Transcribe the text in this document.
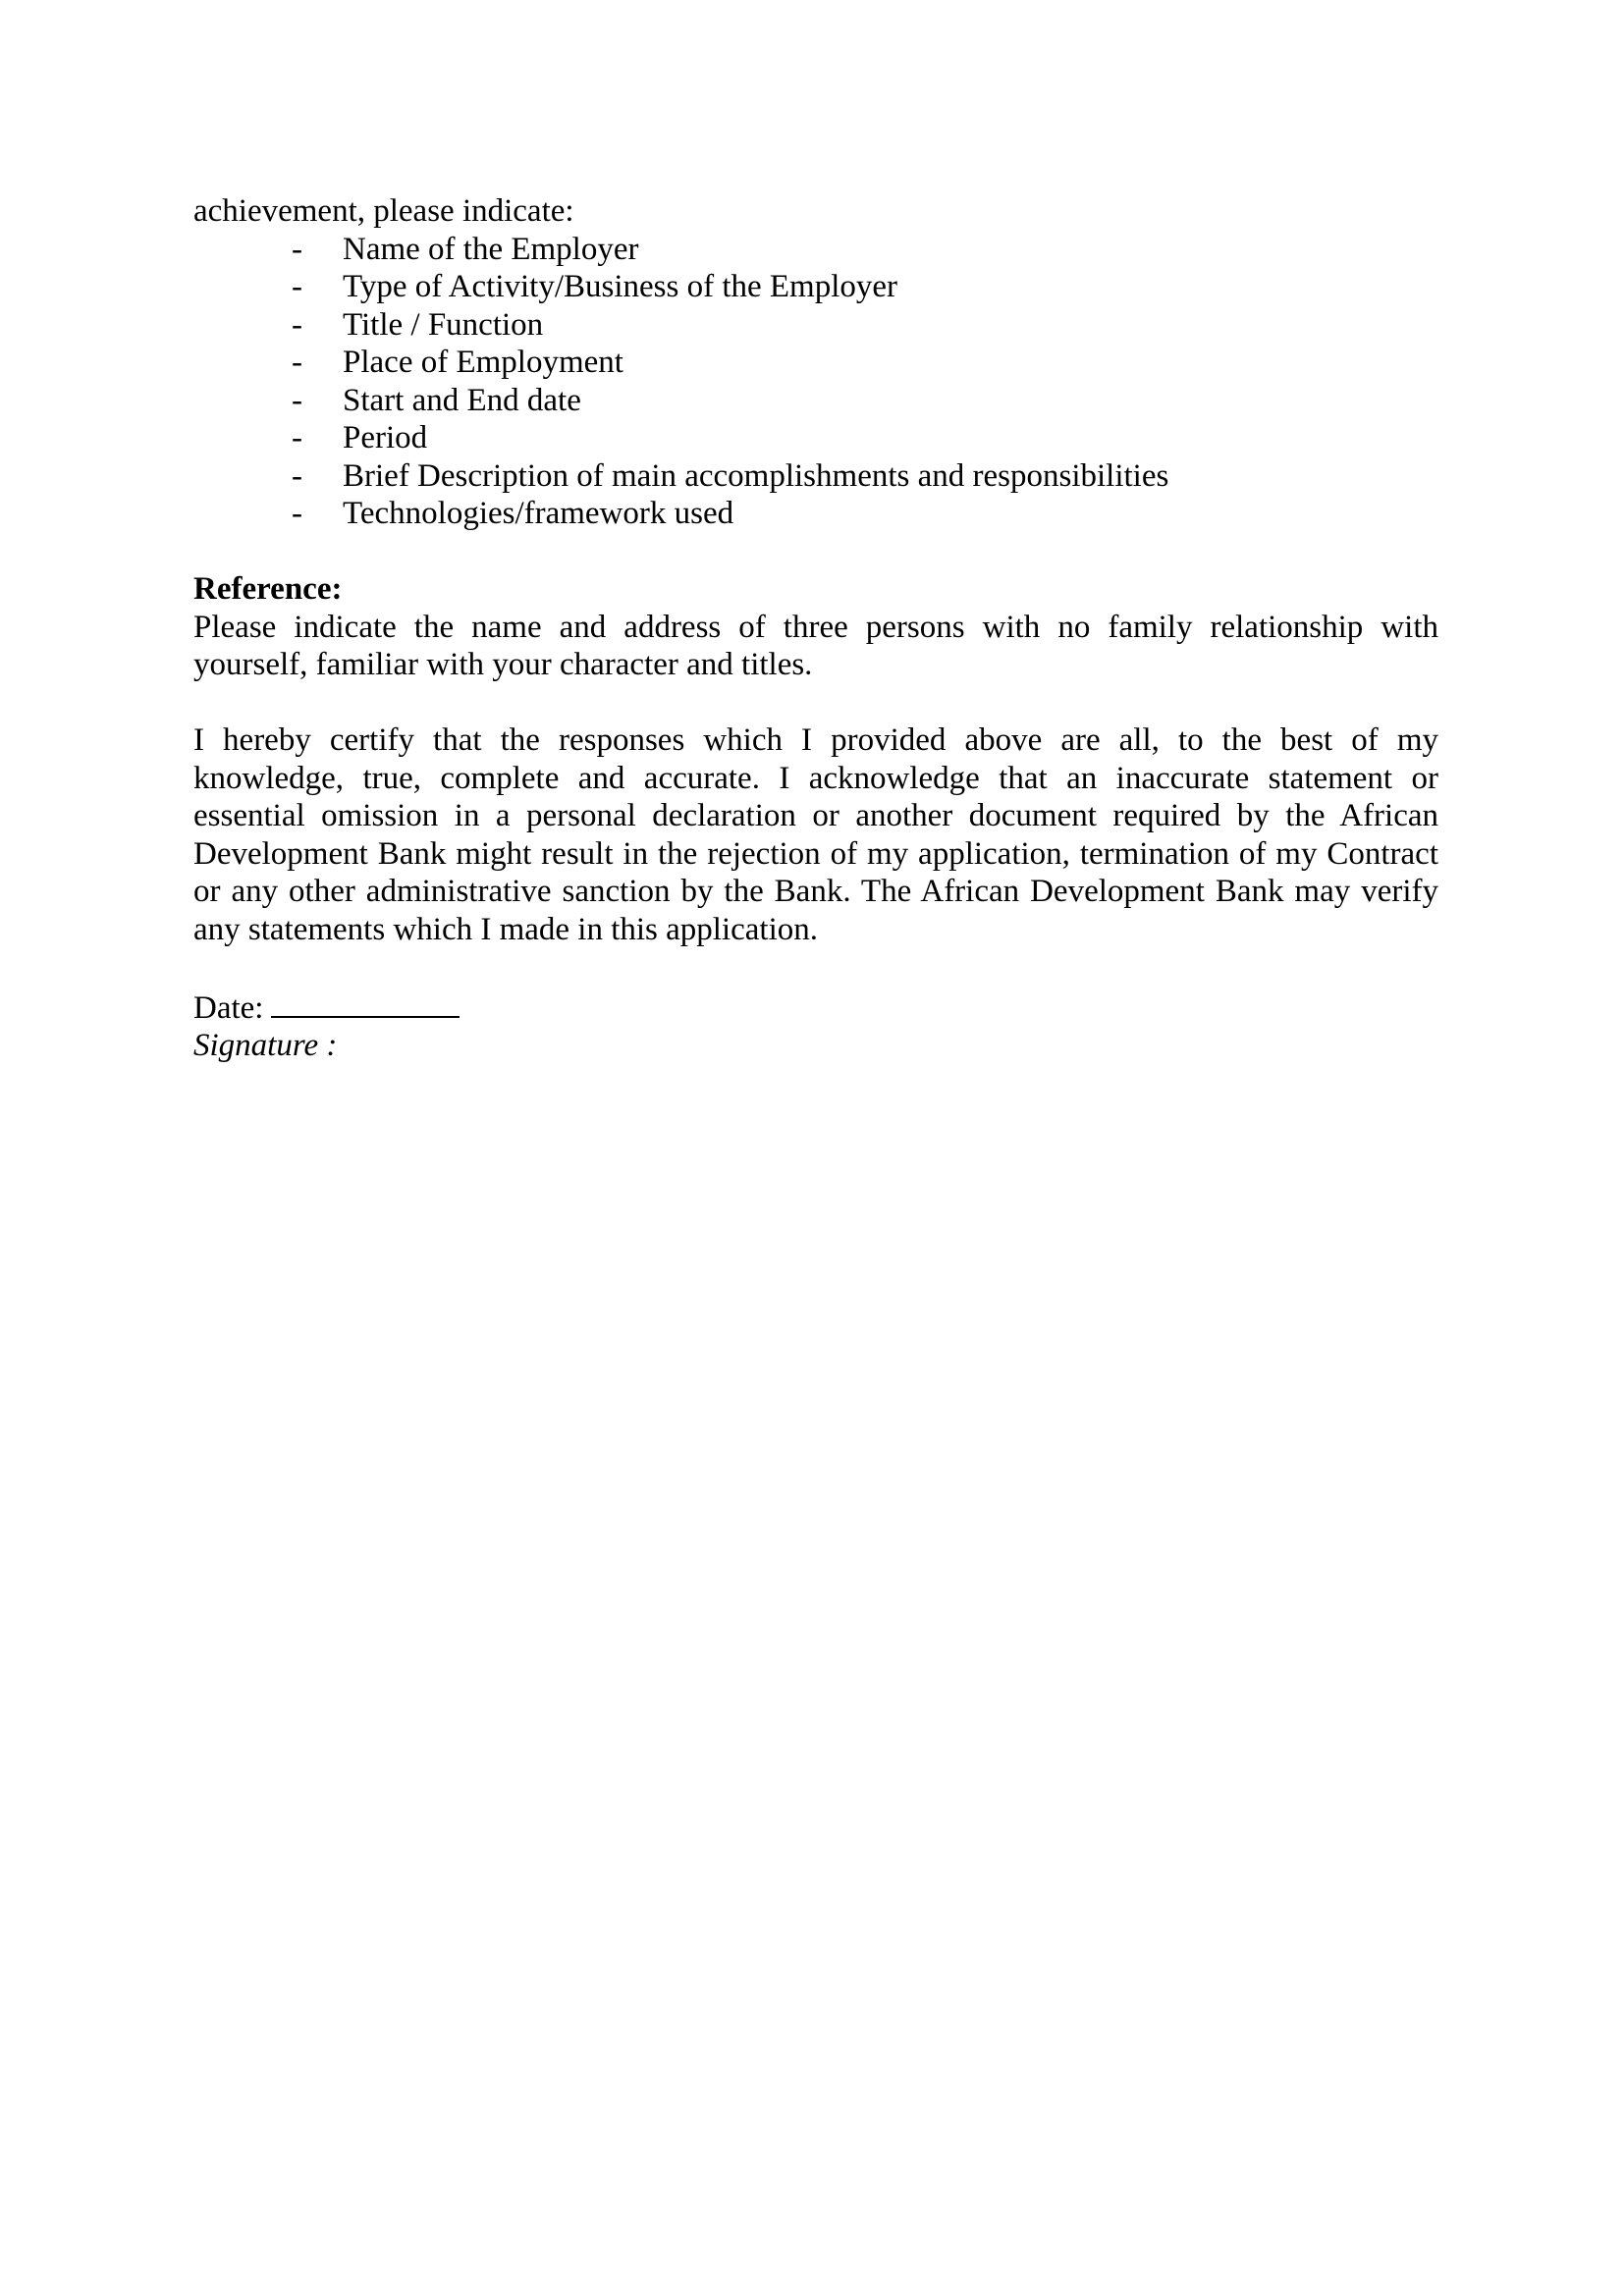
achievement, please indicate:

- Name of the Employer
- Type of Activity/Business of the Employer
- Title / Function
- Place of Employment
- Start and End date
- Period
- Brief Description of main accomplishments and responsibilities
- Technologies/framework used

Reference:

Please indicate the name and address of three persons with no family relationship with
yourself, familiar with your character and titles.
I hereby certify that the responses which I provided above are all, to the best of my
knowledge, true, complete and accurate. I acknowledge that an inaccurate statement or
essential omission in a personal declaration or another document required by the African
Development Bank might result in the rejection of my application, termination of my Contract
or any other administrative sanction by the Bank. The African Development Bank may verify
any statements which I made in this application.

Date:

Signature :
